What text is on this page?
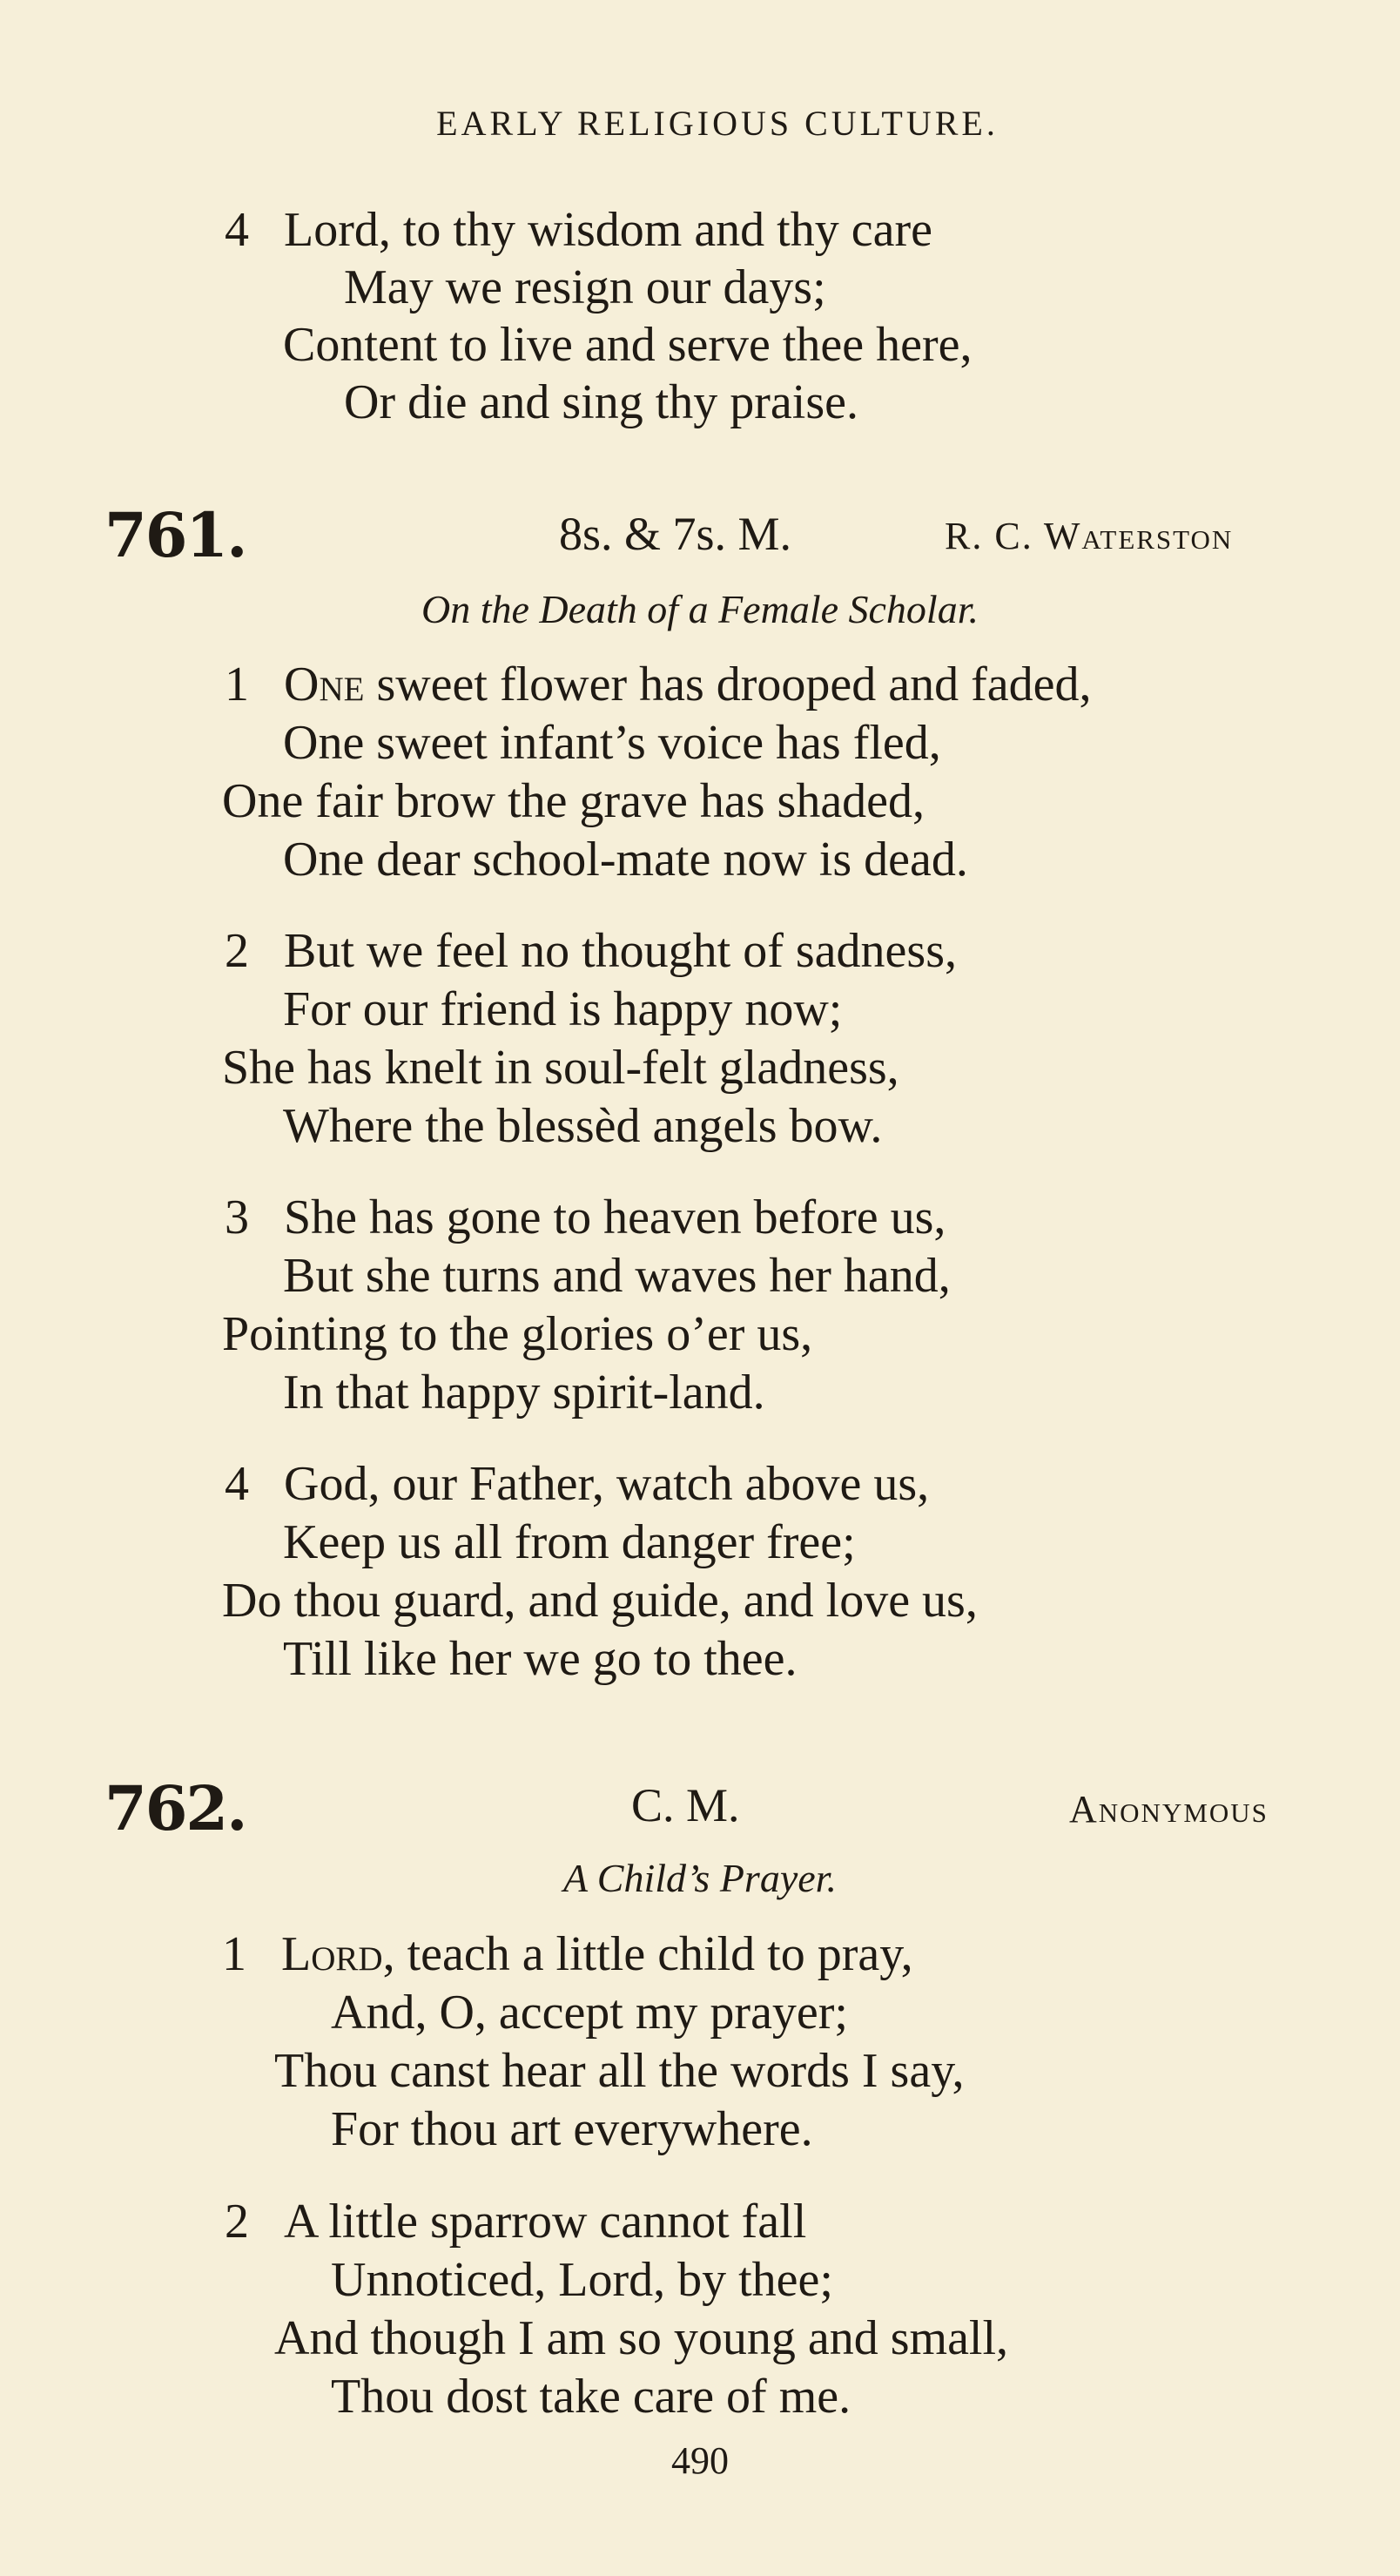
EARLY RELIGIOUS CULTURE.
4 Lord, to thy wisdom and thy care
May we resign our days;
Content to live and serve thee here,
Or die and sing thy praise.
761.	8s. & 7s. M.	R. C. Waterston
On the Death of a Female Scholar.
1 One sweet flower has drooped and faded,
One sweet infant’s voice has fled,
One fair brow the grave has shaded,
One dear school-mate now is dead.
2 But we feel no thought of sadness,
For our friend is happy now;
She has knelt in soul-felt gladness,
Where the blessèd angels bow.
3 She has gone to heaven before us,
But she turns and waves her hand,
Pointing to the glories o’er us,
In that happy spirit-land.
4 God, our Father, watch above us,
Keep us all from danger free;
Do thou guard, and guide, and love us,
Till like her we go to thee.
762.	C. M.	Anonymous
A Child’s Prayer.
1 Lord, teach a little child to pray,
And, O, accept my prayer;
Thou canst hear all the words I say,
For thou art everywhere.
2 A little sparrow cannot fall
Unnoticed, Lord, by thee;
And though I am so young and small,
Thou dost take care of me.
490
